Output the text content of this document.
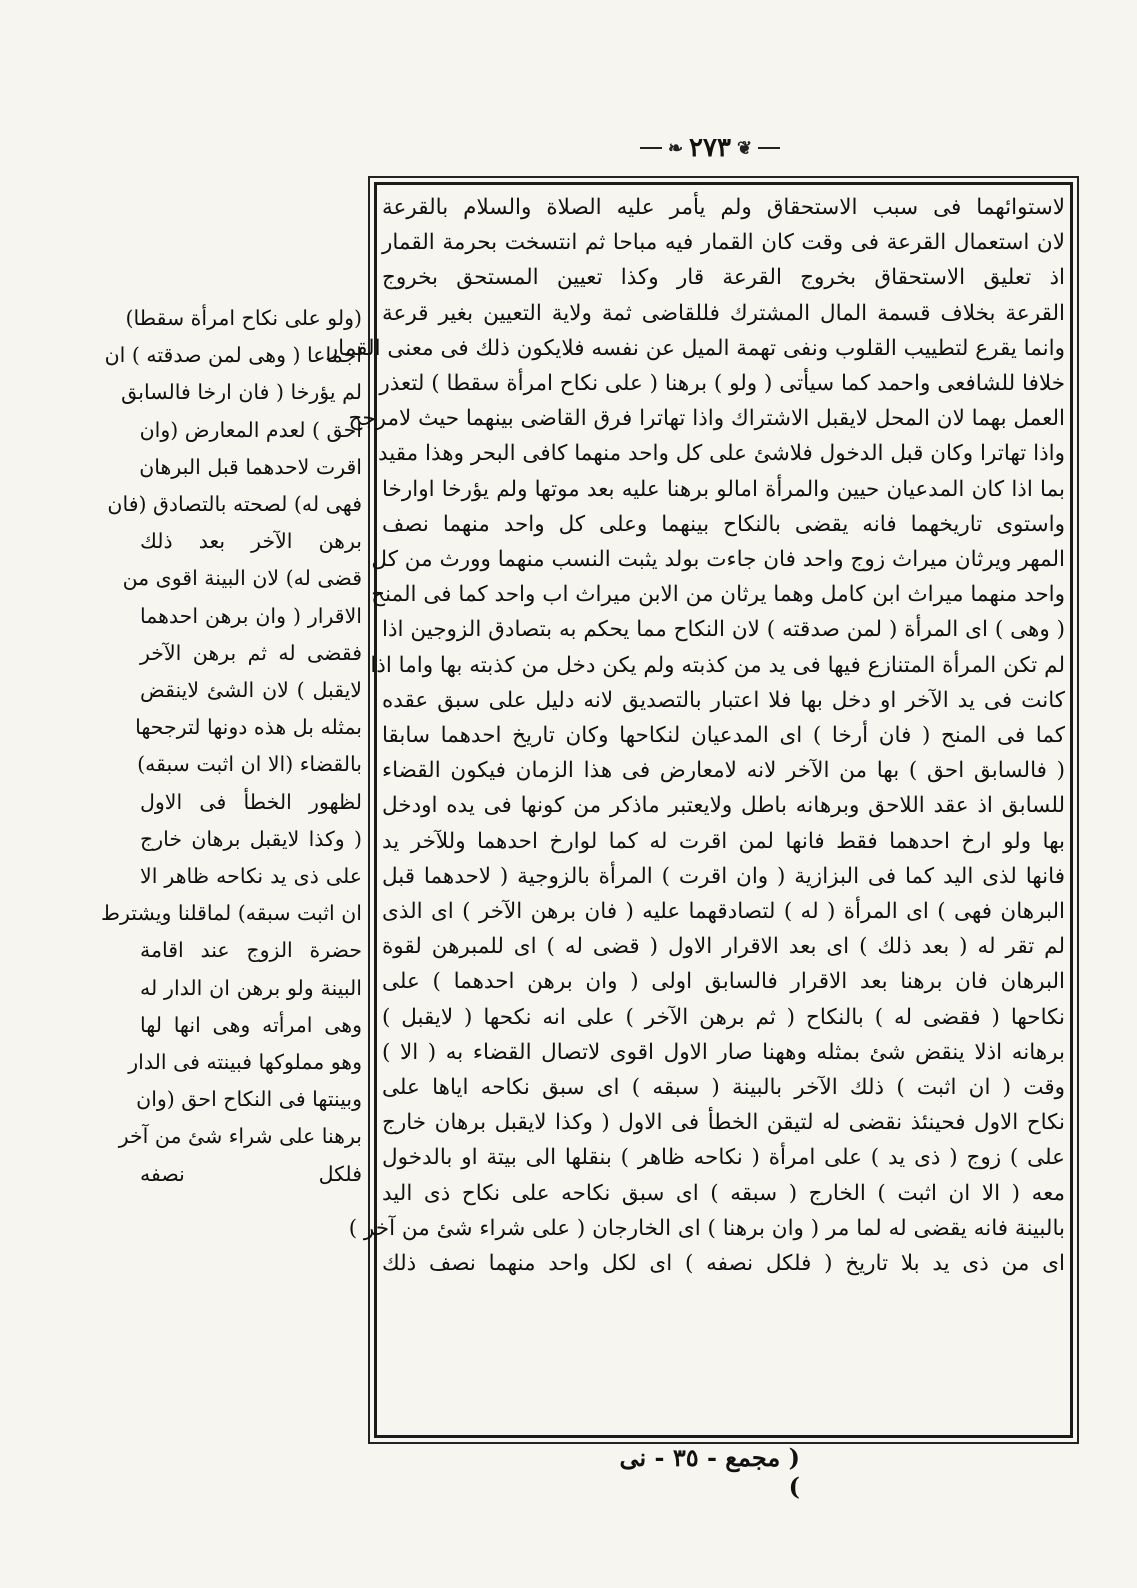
❦
٢٧٣
❧
لاستوائهما فى سبب الاستحقاق ولم يأمر عليه الصلاة والسلام بالقرعة
لان استعمال القرعة فى وقت كان القمار فيه مباحا ثم انتسخت بحرمة القمار
اذ تعليق الاستحقاق بخروج القرعة قار وكذا تعيين المستحق بخروج
القرعة بخلاف قسمة المال المشترك فللقاضى ثمة ولاية التعيين بغير قرعة
وانما يقرع لتطييب القلوب ونفى تهمة الميل عن نفسه فلايكون ذلك فى معنى القمار
خلافا للشافعى واحمد كما سيأتى ( ولو ) برهنا ( على نكاح امرأة سقطا ) لتعذر
العمل بهما لان المحل لايقبل الاشتراك واذا تهاترا فرق القاضى بينهما حيث لامرجح
واذا تهاترا وكان قبل الدخول فلاشئ على كل واحد منهما كافى البحر وهذا مقيد
بما اذا كان المدعيان حيين والمرأة امالو برهنا عليه بعد موتها ولم يؤرخا اوارخا
واستوى تاريخهما فانه يقضى بالنكاح بينهما وعلى كل واحد منهما نصف
المهر ويرثان ميراث زوج واحد فان جاءت بولد يثبت النسب منهما وورث من كل
واحد منهما ميراث ابن كامل وهما يرثان من الابن ميراث اب واحد كما فى المنح
( وهى ) اى المرأة ( لمن صدقته ) لان النكاح مما يحكم به بتصادق الزوجين اذا
لم تكن المرأة المتنازع فيها فى يد من كذبته ولم يكن دخل من كذبته بها واما اذا
كانت فى يد الآخر او دخل بها فلا اعتبار بالتصديق لانه دليل على سبق عقده
كما فى المنح ( فان أرخا ) اى المدعيان لنكاحها وكان تاريخ احدهما سابقا
( فالسابق احق ) بها من الآخر لانه لامعارض فى هذا الزمان فيكون القضاء
للسابق اذ عقد اللاحق وبرهانه باطل ولايعتبر ماذكر من كونها فى يده اودخل
بها ولو ارخ احدهما فقط فانها لمن اقرت له كما لوارخ احدهما وللآخر يد
فانها لذى اليد كما فى البزازية ( وان اقرت ) المرأة بالزوجية ( لاحدهما قبل
البرهان فهى ) اى المرأة ( له ) لتصادقهما عليه ( فان برهن الآخر ) اى الذى
لم تقر له ( بعد ذلك ) اى بعد الاقرار الاول ( قضى له ) اى للمبرهن لقوة
البرهان فان برهنا بعد الاقرار فالسابق اولى ( وان برهن احدهما ) على
نكاحها ( فقضى له ) بالنكاح ( ثم برهن الآخر ) على انه نكحها ( لايقبل )
برهانه اذلا ينقض شئ بمثله وههنا صار الاول اقوى لاتصال القضاء به ( الا )
وقت ( ان اثبت ) ذلك الآخر بالبينة ( سبقه ) اى سبق نكاحه اياها على
نكاح الاول فحينئذ نقضى له لتيقن الخطأ فى الاول ( وكذا لايقبل برهان خارج
على ) زوج ( ذى يد ) على امرأة ( نكاحه ظاهر ) بنقلها الى بيتة او بالدخول
معه ( الا ان اثبت ) الخارج ( سبقه ) اى سبق نكاحه على نكاح ذى اليد
بالبينة فانه يقضى له لما مر ( وان برهنا ) اى الخارجان ( على شراء شئ من آخر )
اى من ذى يد بلا تاريخ ( فلكل نصفه ) اى لكل واحد منهما نصف ذلك
(ولو على نكاح امرأة سقطا)
اجماعا ( وهى لمن صدقته ) ان
لم يؤرخا ( فان ارخا فالسابق
احق ) لعدم المعارض (وان
اقرت لاحدهما قبل البرهان
فهى له) لصحته بالتصادق (فان
برهن الآخر بعد ذلك
قضى له) لان البينة اقوى من
الاقرار ( وان برهن احدهما
فقضى له ثم برهن الآخر
لايقبل ) لان الشئ لاينقض
بمثله بل هذه دونها لترجحها
بالقضاء (الا ان اثبت سبقه)
لظهور الخطأ فى الاول
( وكذا لايقبل برهان خارج
على ذى يد نكاحه ظاهر الا
ان اثبت سبقه) لماقلنا ويشترط
حضرة الزوج عند اقامة
البينة ولو برهن ان الدار له
وهى امرأته وهى انها لها
وهو مملوكها فبينته فى الدار
وبينتها فى النكاح احق (وان
برهنا على شراء شئ من آخر
فلكل نصفه
( مجمع - ٣٥ - نى )
